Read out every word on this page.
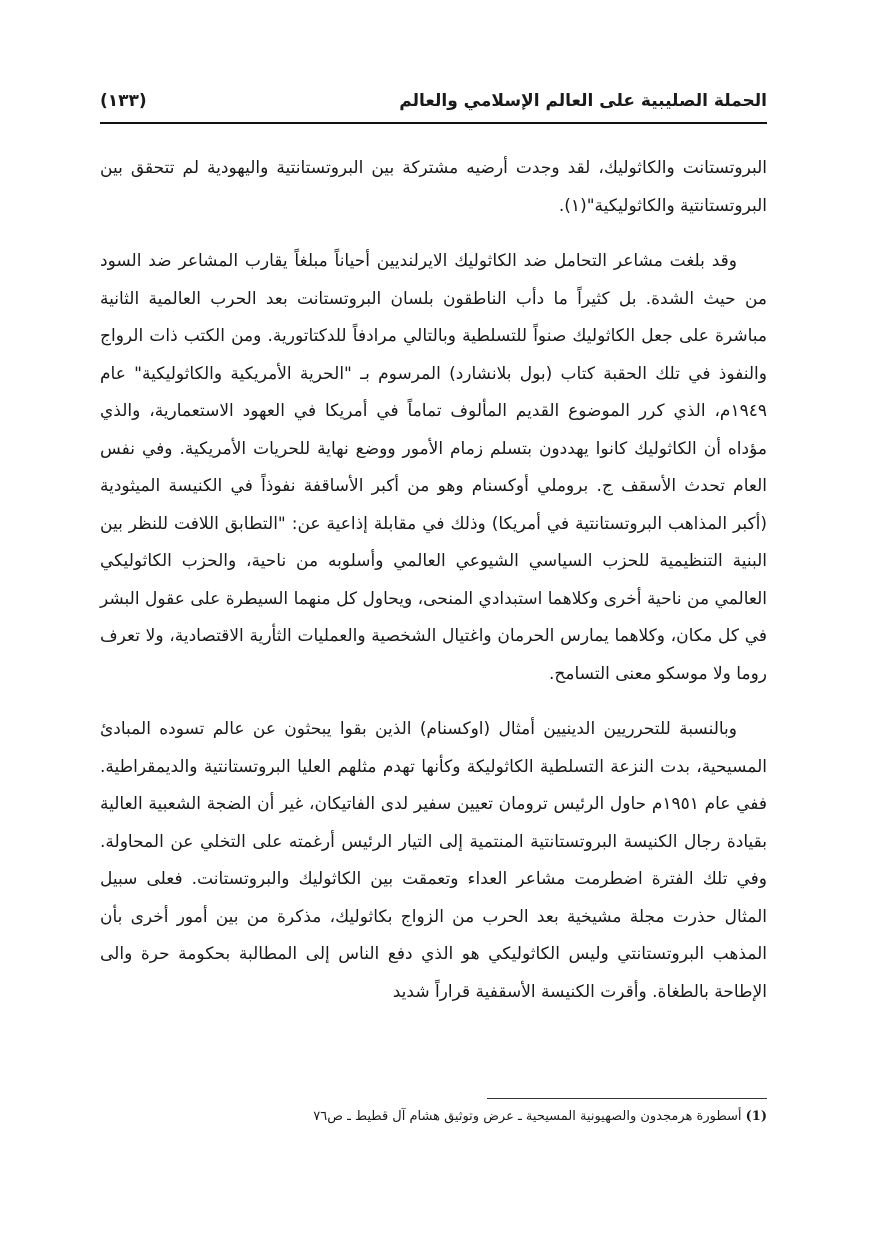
الحملة الصليبية على العالم الإسلامي والعالم
(١٣٣)

البروتستانت والكاثوليك، لقد وجدت أرضيه مشتركة بين البروتستانتية واليهودية لم تتحقق بين البروتستانتية والكاثوليكية"(١).

وقد بلغت مشاعر التحامل ضد الكاثوليك الايرلنديين أحياناً مبلغاً يقارب المشاعر ضد السود من حيث الشدة. بل كثيراً ما دأب الناطقون بلسان البروتستانت بعد الحرب العالمية الثانية مباشرة على جعل الكاثوليك صنواً للتسلطية وبالتالي مرادفاً للدكتاتورية. ومن الكتب ذات الرواج والنفوذ في تلك الحقبة كتاب (بول بلانشارد) المرسوم بـ "الحرية الأمريكية والكاثوليكية" عام ١٩٤٩م، الذي كرر الموضوع القديم المألوف تماماً في أمريكا في العهود الاستعمارية، والذي مؤداه أن الكاثوليك كانوا يهددون بتسلم زمام الأمور ووضع نهاية للحريات الأمريكية. وفي نفس العام تحدث الأسقف ج. بروملي أوكسنام وهو من أكبر الأساقفة نفوذاً في الكنيسة الميثودية (أكبر المذاهب البروتستانتية في أمريكا) وذلك في مقابلة إذاعية عن: "التطابق اللافت للنظر بين البنية التنظيمية للحزب السياسي الشيوعي العالمي وأسلوبه من ناحية، والحزب الكاثوليكي العالمي من ناحية أخرى وكلاهما استبدادي المنحى، ويحاول كل منهما السيطرة على عقول البشر في كل مكان، وكلاهما يمارس الحرمان واغتيال الشخصية والعمليات الثأرية الاقتصادية، ولا تعرف روما ولا موسكو معنى التسامح.

وبالنسبة للتحرريين الدينيين أمثال (اوكسنام) الذين بقوا يبحثون عن عالم تسوده المبادئ المسيحية، بدت النزعة التسلطية الكاثوليكة وكأنها تهدم مثلهم العليا البروتستانتية والديمقراطية. ففي عام ١٩٥١م حاول الرئيس ترومان تعيين سفير لدى الفاتيكان، غير أن الضجة الشعبية العالية بقيادة رجال الكنيسة البروتستانتية المنتمية إلى التيار الرئيس أرغمته على التخلي عن المحاولة. وفي تلك الفترة اضطرمت مشاعر العداء وتعمقت بين الكاثوليك والبروتستانت. فعلى سبيل المثال حذرت مجلة مشيخية بعد الحرب من الزواج بكاثوليك، مذكرة من بين أمور أخرى بأن المذهب البروتستانتي وليس الكاثوليكي هو الذي دفع الناس إلى المطالبة بحكومة حرة والى الإطاحة بالطغاة. وأقرت الكنيسة الأسقفية قراراً شديد

(1) أسطورة هرمجدون والصهيونية المسيحية ـ عرض وتوثيق هشام آل قطيط ـ ص٧٦
